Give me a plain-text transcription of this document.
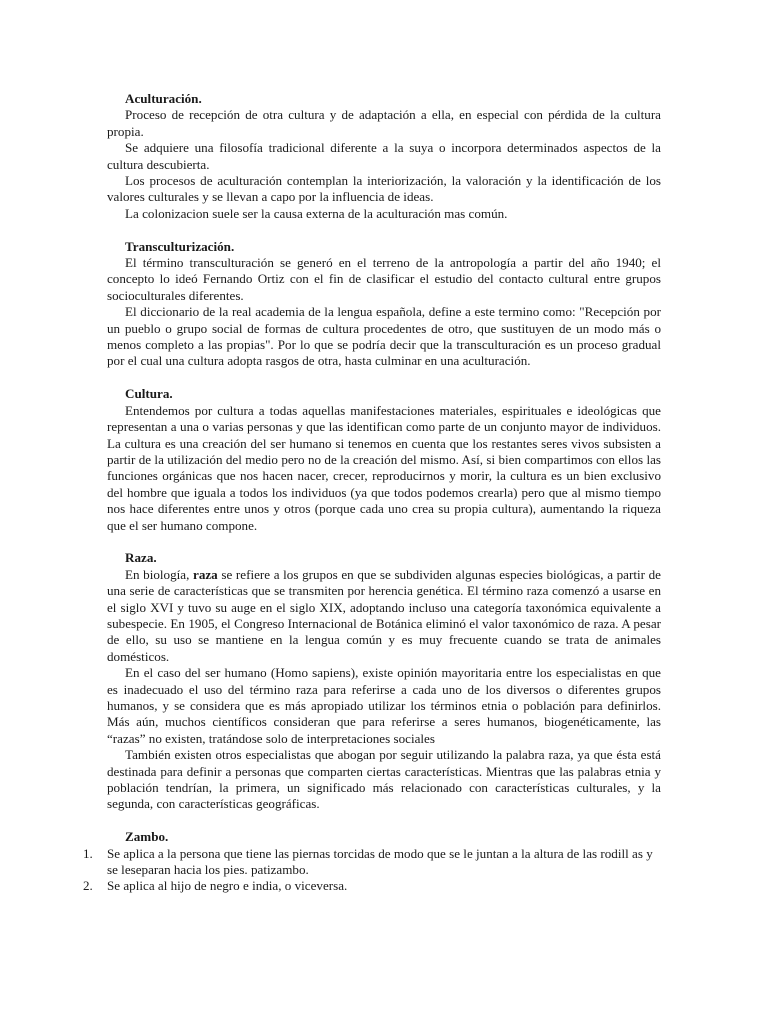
Aculturación.

Proceso de recepción de otra cultura y de adaptación a ella, en especial con pérdida de la cultura propia.

Se adquiere una filosofía tradicional diferente a la suya o incorpora determinados aspectos de la cultura descubierta.

Los procesos de aculturación contemplan la interiorización, la valoración y la identificación de los valores culturales y se llevan a capo por la influencia de ideas.

La colonizacion suele ser la causa externa de la aculturación mas común.

Transculturización.

El término transculturación se generó en el terreno de la antropología a partir del año 1940; el concepto lo ideó Fernando Ortiz con el fin de clasificar el estudio del contacto cultural entre grupos socioculturales diferentes.

El diccionario de la real academia de la lengua española, define a este termino como: "Recepción por un pueblo o grupo social de formas de cultura procedentes de otro, que sustituyen de un modo más o menos completo a las propias". Por lo que se podría decir que la transculturación es un proceso gradual por el cual una cultura adopta rasgos de otra, hasta culminar en una aculturación.

Cultura.

Entendemos por cultura a todas aquellas manifestaciones materiales, espirituales e ideológicas que representan a una o varias personas y que las identifican como parte de un conjunto mayor de individuos. La cultura es una creación del ser humano si tenemos en cuenta que los restantes seres vivos subsisten a partir de la utilización del medio pero no de la creación del mismo. Así, si bien compartimos con ellos las funciones orgánicas que nos hacen nacer, crecer, reproducirnos y morir, la cultura es un bien exclusivo del hombre que iguala a todos los individuos (ya que todos podemos crearla) pero que al mismo tiempo nos hace diferentes entre unos y otros (porque cada uno crea su propia cultura), aumentando la riqueza que el ser humano compone.

Raza.

En biología, raza se refiere a los grupos en que se subdividen algunas especies biológicas, a partir de una serie de características que se transmiten por herencia genética. El término raza comenzó a usarse en el siglo XVI y tuvo su auge en el siglo XIX, adoptando incluso una categoría taxonómica equivalente a subespecie. En 1905, el Congreso Internacional de Botánica eliminó el valor taxonómico de raza. A pesar de ello, su uso se mantiene en la lengua común y es muy frecuente cuando se trata de animales domésticos.

En el caso del ser humano (Homo sapiens), existe opinión mayoritaria entre los especialistas en que es inadecuado el uso del término raza para referirse a cada uno de los diversos o diferentes grupos humanos, y se considera que es más apropiado utilizar los términos etnia o población para definirlos. Más aún, muchos científicos consideran que para referirse a seres humanos, biogenéticamente, las “razas” no existen, tratándose solo de interpretaciones sociales

También existen otros especialistas que abogan por seguir utilizando la palabra raza, ya que ésta está destinada para definir a personas que comparten ciertas características. Mientras que las palabras etnia y población tendrían, la primera, un significado más relacionado con características culturales, y la segunda, con características geográficas.

Zambo.
1.	Se aplica a la persona que tiene las piernas torcidas de modo que se le juntan a la altura de las rodill as y se leseparan hacia los pies. patizambo.
2.	Se aplica al hijo de negro e india, o viceversa.
